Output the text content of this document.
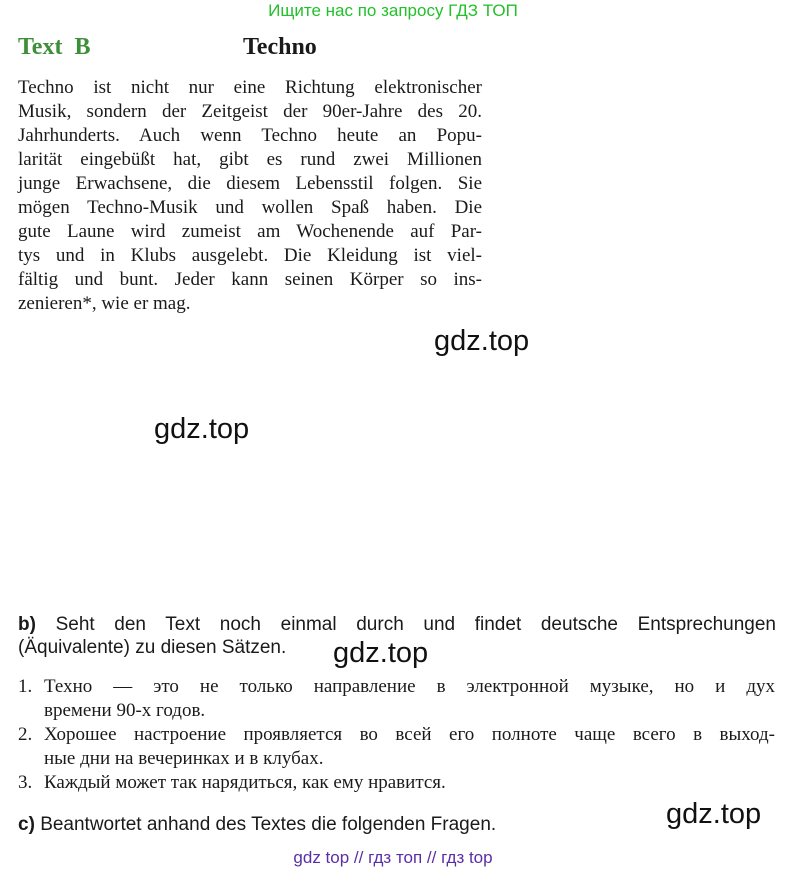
Ищите нас по запросу ГДЗ ТОП
Text B	Techno
Techno ist nicht nur eine Richtung elektronischer
Musik, sondern der Zeitgeist der 90er-Jahre des 20.
Jahrhunderts. Auch wenn Techno heute an Popu-
larität eingebüßt hat, gibt es rund zwei Millionen
junge Erwachsene, die diesem Lebensstil folgen. Sie
mögen Techno-Musik und wollen Spaß haben. Die
gute Laune wird zumeist am Wochenende auf Par-
tys und in Klubs ausgelebt. Die Kleidung ist viel-
fältig und bunt. Jeder kann seinen Körper so ins-
zenieren*, wie er mag.
gdz.top
gdz.top
b) Seht den Text noch einmal durch und findet deutsche Entsprechungen
(Äquivalente) zu diesen Sätzen.	gdz.top
1. Техно — это не только направление в электронной музыке, но и дух
времени 90-х годов.
2. Хорошее настроение проявляется во всей его полноте чаще всего в выход-
ные дни на вечеринках и в клубах.
3. Каждый может так нарядиться, как ему нравится.
gdz.top
c) Beantwortet anhand des Textes die folgenden Fragen.
gdz top // гдз топ // гдз top
